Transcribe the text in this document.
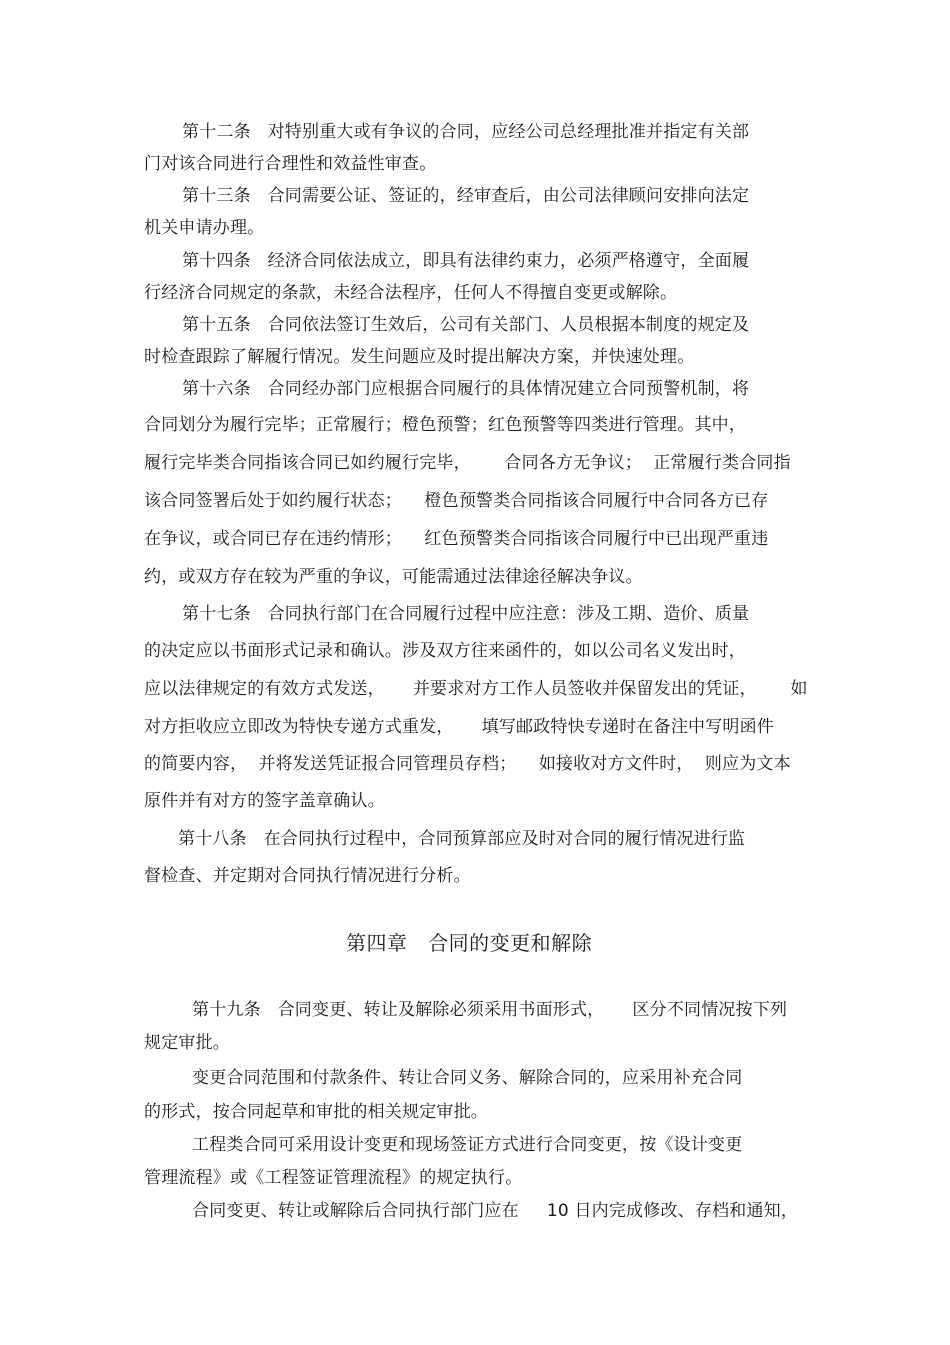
第十二条   对特别重大或有争议的合同，应经公司总经理批准并指定有关部
门对该合同进行合理性和效益性审查。
第十三条   合同需要公证、签证的，经审查后，由公司法律顾问安排向法定
机关申请办理。
第十四条   经济合同依法成立，即具有法律约束力，必须严格遵守，全面履
行经济合同规定的条款，未经合法程序，任何人不得擅自变更或解除。
第十五条   合同依法签订生效后，公司有关部门、人员根据本制度的规定及
时检查跟踪了解履行情况。发生问题应及时提出解决方案，并快速处理。
第十六条   合同经办部门应根据合同履行的具体情况建立合同预警机制，将
合同划分为履行完毕；正常履行；橙色预警；红色预警等四类进行管理。其中，
履行完毕类合同指该合同已如约履行完毕，      合同各方无争议；  正常履行类合同指
该合同签署后处于如约履行状态；    橙色预警类合同指该合同履行中合同各方已存
在争议，或合同已存在违约情形；    红色预警类合同指该合同履行中已出现严重违
约，或双方存在较为严重的争议，可能需通过法律途径解决争议。
第十七条   合同执行部门在合同履行过程中应注意：涉及工期、造价、质量
的决定应以书面形式记录和确认。涉及双方往来函件的，如以公司名义发出时，
应以法律规定的有效方式发送，     并要求对方工作人员签收并保留发出的凭证，      如
对方拒收应立即改为特快专递方式重发，     填写邮政特快专递时在备注中写明函件
的简要内容，  并将发送凭证报合同管理员存档；    如接收对方文件时，  则应为文本
原件并有对方的签字盖章确认。
第十八条   在合同执行过程中，合同预算部应及时对合同的履行情况进行监
督检查、并定期对合同执行情况进行分析。
第四章   合同的变更和解除
第十九条   合同变更、转让及解除必须采用书面形式，     区分不同情况按下列
规定审批。
变更合同范围和付款条件、转让合同义务、解除合同的，应采用补充合同
的形式，按合同起草和审批的相关规定审批。
工程类合同可采用设计变更和现场签证方式进行合同变更，按《设计变更
管理流程》或《工程签证管理流程》的规定执行。
合同变更、转让或解除后合同执行部门应在     10 日内完成修改、存档和通知，
